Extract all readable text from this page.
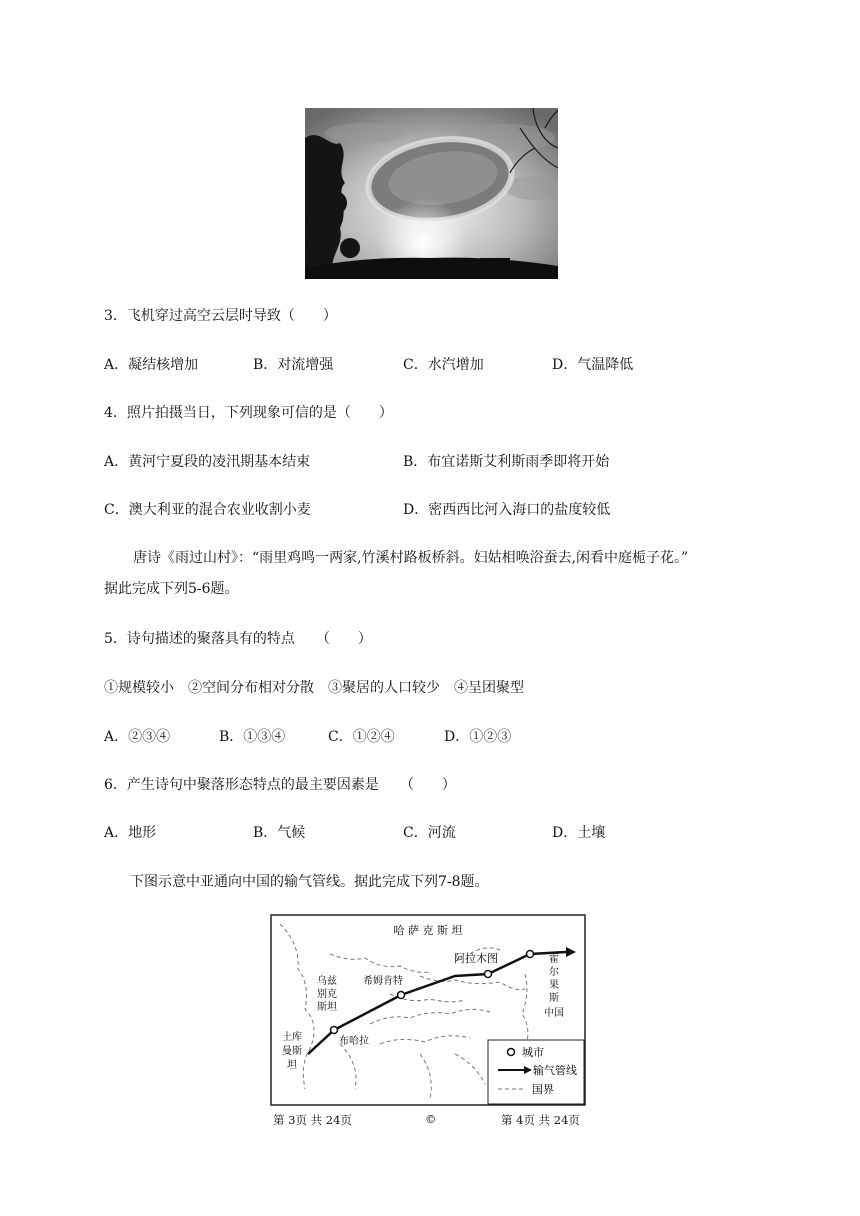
3．飞机穿过高空云层时导致（　　）
A．凝结核增加	B．对流增强	C．水汽增加	D．气温降低
4．照片拍摄当日，下列现象可信的是（　　）
A．黄河宁夏段的凌汛期基本结束	B．布宜诺斯艾利斯雨季即将开始
C．澳大利亚的混合农业收割小麦	D．密西西比河入海口的盐度较低
唐诗《雨过山村》：“雨里鸡鸣一两家,竹溪村路板桥斜。妇姑相唤浴蚕去,闲看中庭栀子花。”
据此完成下列5-6题。
5．诗句描述的聚落具有的特点　　（　　）
①规模较小　②空间分布相对分散　③聚居的人口较少　④呈团聚型
A．②③④	B．①③④	C．①②④	D．①②③
6．产生诗句中聚落形态特点的最主要因素是　　（　　）
A．地形	B．气候	C．河流	D．土壤
下图示意中亚通向中国的输气管线。据此完成下列7-8题。
哈 萨 克 斯 坦
乌兹
别克
斯坦
土库
曼斯
坦
霍
尔
果
斯
中国
希姆肯特
阿拉木图
布哈拉
城市
输气管线
国界
第 3页 共 24页	©	第 4页 共 24页
